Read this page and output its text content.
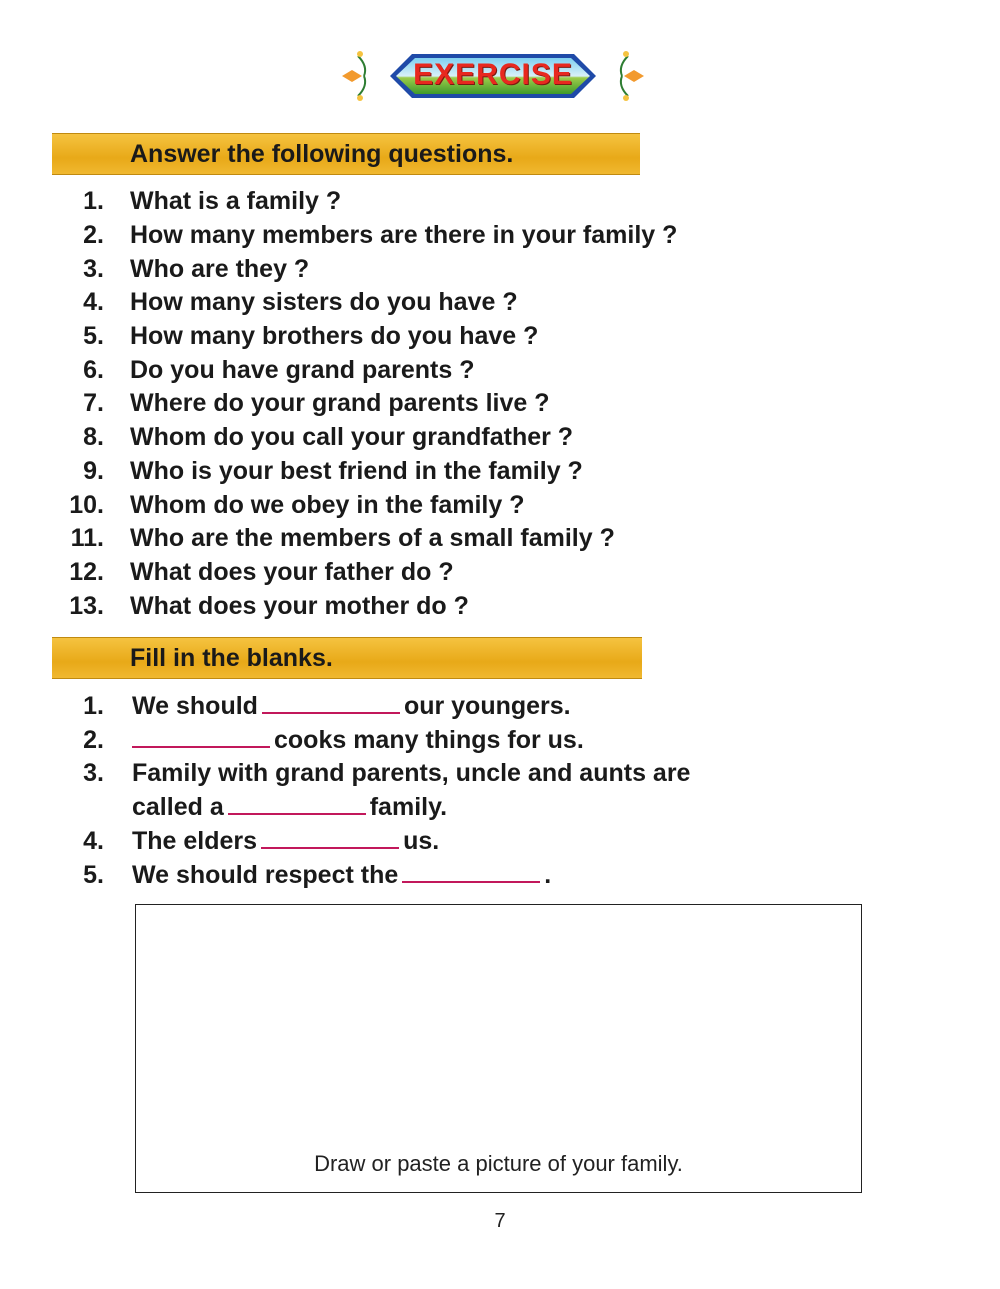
EXERCISE
Answer the following questions.
1. What is a family ?
2. How many members are there in your family ?
3. Who are they ?
4. How many sisters do you have ?
5. How many brothers do you have ?
6. Do you have grand parents ?
7. Where do your grand parents live ?
8. Whom do you call your grandfather ?
9. Who is your best friend in the family ?
10. Whom do we obey in the family ?
11. Who are the members of a small family ?
12. What does your father do ?
13. What does your mother do ?
Fill in the blanks.
1. We should	our youngers.
2.	cooks many things for us.
3. Family with grand parents, uncle and aunts are
called a	family.
4. The elders	us.
5. We should respect the	.
Draw or paste a picture of your family.
7
